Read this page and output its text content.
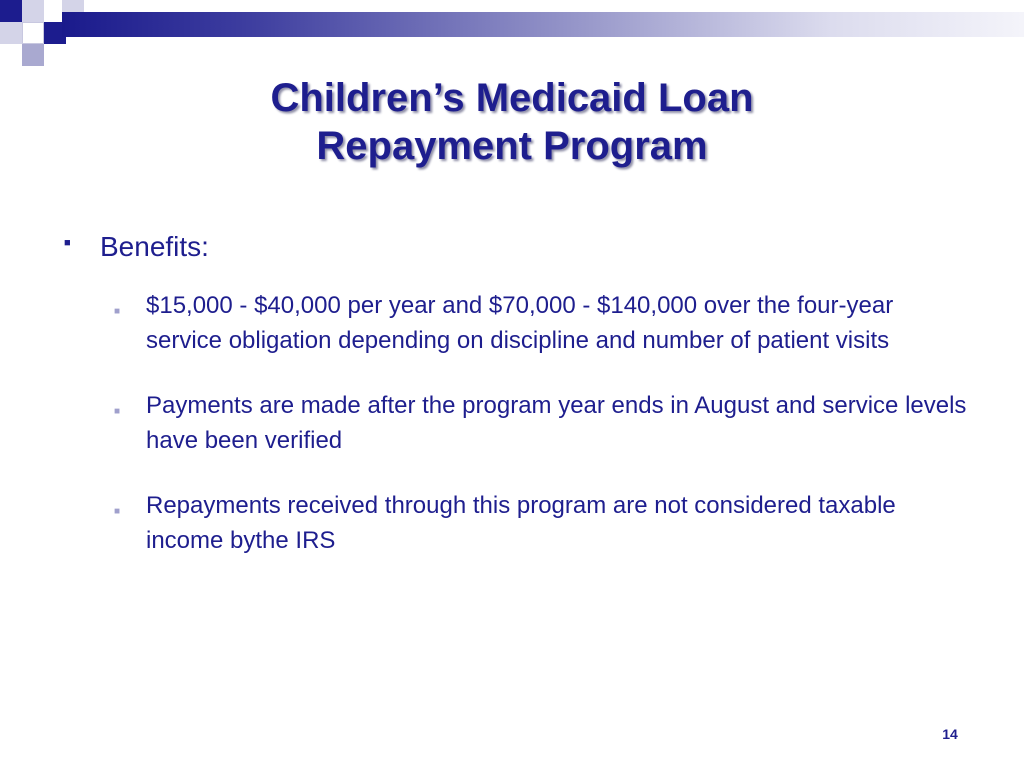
Children’s Medicaid Loan
Repayment Program
■ Benefits:

■ $15,000 - $40,000 per year and $70,000 - $140,000 over the four-year service obligation depending on discipline and number of patient visits
■ Payments are made after the program year ends in August and service levels have been verified
■ Repayments received through this program are not considered taxable income bythe IRS
14
